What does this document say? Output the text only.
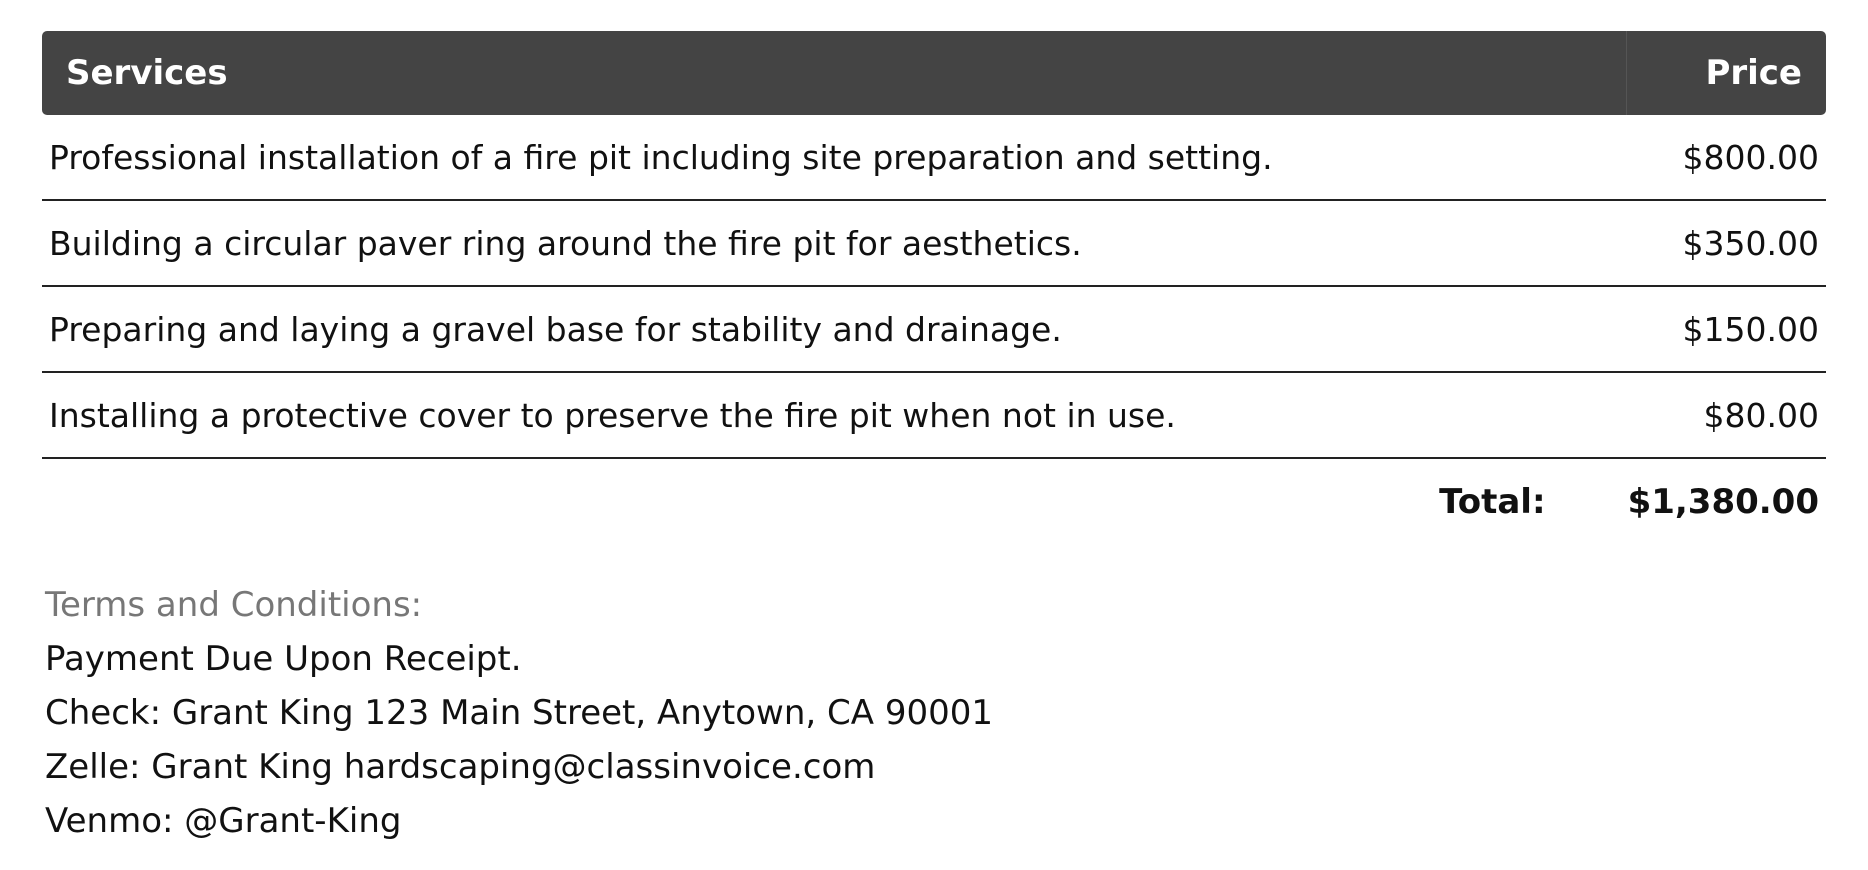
Services	Price
Professional installation of a fire pit including site preparation and setting.	$800.00
Building a circular paver ring around the fire pit for aesthetics.	$350.00
Preparing and laying a gravel base for stability and drainage.	$150.00
Installing a protective cover to preserve the fire pit when not in use.	$80.00
Total: $1,380.00
Terms and Conditions:
Payment Due Upon Receipt.
Check: Grant King 123 Main Street, Anytown, CA 90001
Zelle: Grant King hardscaping@classinvoice.com
Venmo: @Grant-King
